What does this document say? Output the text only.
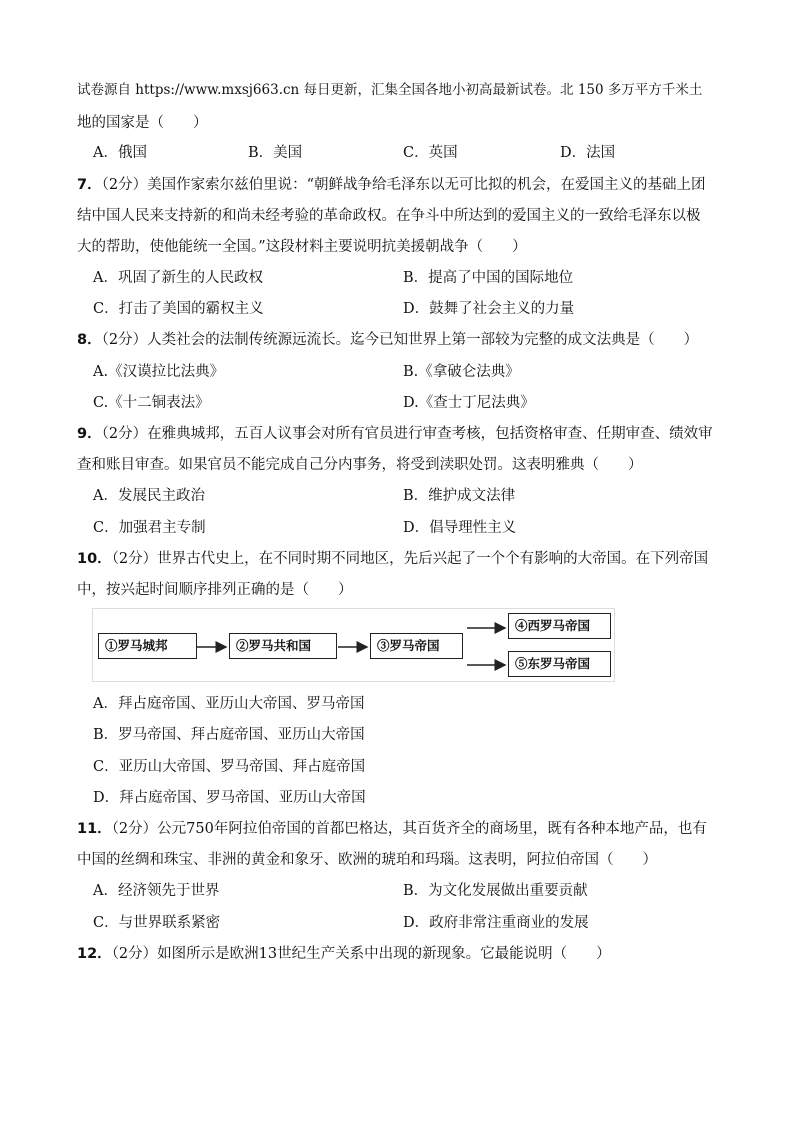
试卷源自 https://www.mxsj663.cn 每日更新，汇集全国各地小初高最新试卷。北 150 多万平方千米土
地的国家是（　　）
A．俄国	B．美国	C．英国	D．法国
7．（2分）美国作家索尔兹伯里说：“朝鲜战争给毛泽东以无可比拟的机会，在爱国主义的基础上团
结中国人民来支持新的和尚未经考验的革命政权。在争斗中所达到的爱国主义的一致给毛泽东以极
大的帮助，使他能统一全国。”这段材料主要说明抗美援朝战争（　　）
A．巩固了新生的人民政权	B．提高了中国的国际地位
C．打击了美国的霸权主义	D．鼓舞了社会主义的力量
8．（2分）人类社会的法制传统源远流长。迄今已知世界上第一部较为完整的成文法典是（　　）
A.《汉谟拉比法典》	B.《拿破仑法典》
C.《十二铜表法》	D.《查士丁尼法典》
9．（2分）在雅典城邦，五百人议事会对所有官员进行审查考核，包括资格审查、任期审查、绩效审
查和账目审查。如果官员不能完成自己分内事务，将受到渎职处罚。这表明雅典（　　）
A．发展民主政治	B．维护成文法律
C．加强君主专制	D．倡导理性主义
10．（2分）世界古代史上，在不同时期不同地区，先后兴起了一个个有影响的大帝国。在下列帝国
中，按兴起时间顺序排列正确的是（　　）
①罗马城邦	②罗马共和国	③罗马帝国
④西罗马帝国
⑤东罗马帝国
A．拜占庭帝国、亚历山大帝国、罗马帝国
B．罗马帝国、拜占庭帝国、亚历山大帝国
C．亚历山大帝国、罗马帝国、拜占庭帝国
D．拜占庭帝国、罗马帝国、亚历山大帝国
11．（2分）公元750年阿拉伯帝国的首都巴格达，其百货齐全的商场里，既有各种本地产品，也有
中国的丝绸和珠宝、非洲的黄金和象牙、欧洲的琥珀和玛瑙。这表明，阿拉伯帝国（　　）
A．经济领先于世界	B．为文化发展做出重要贡献
C．与世界联系紧密	D．政府非常注重商业的发展
12．（2分）如图所示是欧洲13世纪生产关系中出现的新现象。它最能说明（　　）
